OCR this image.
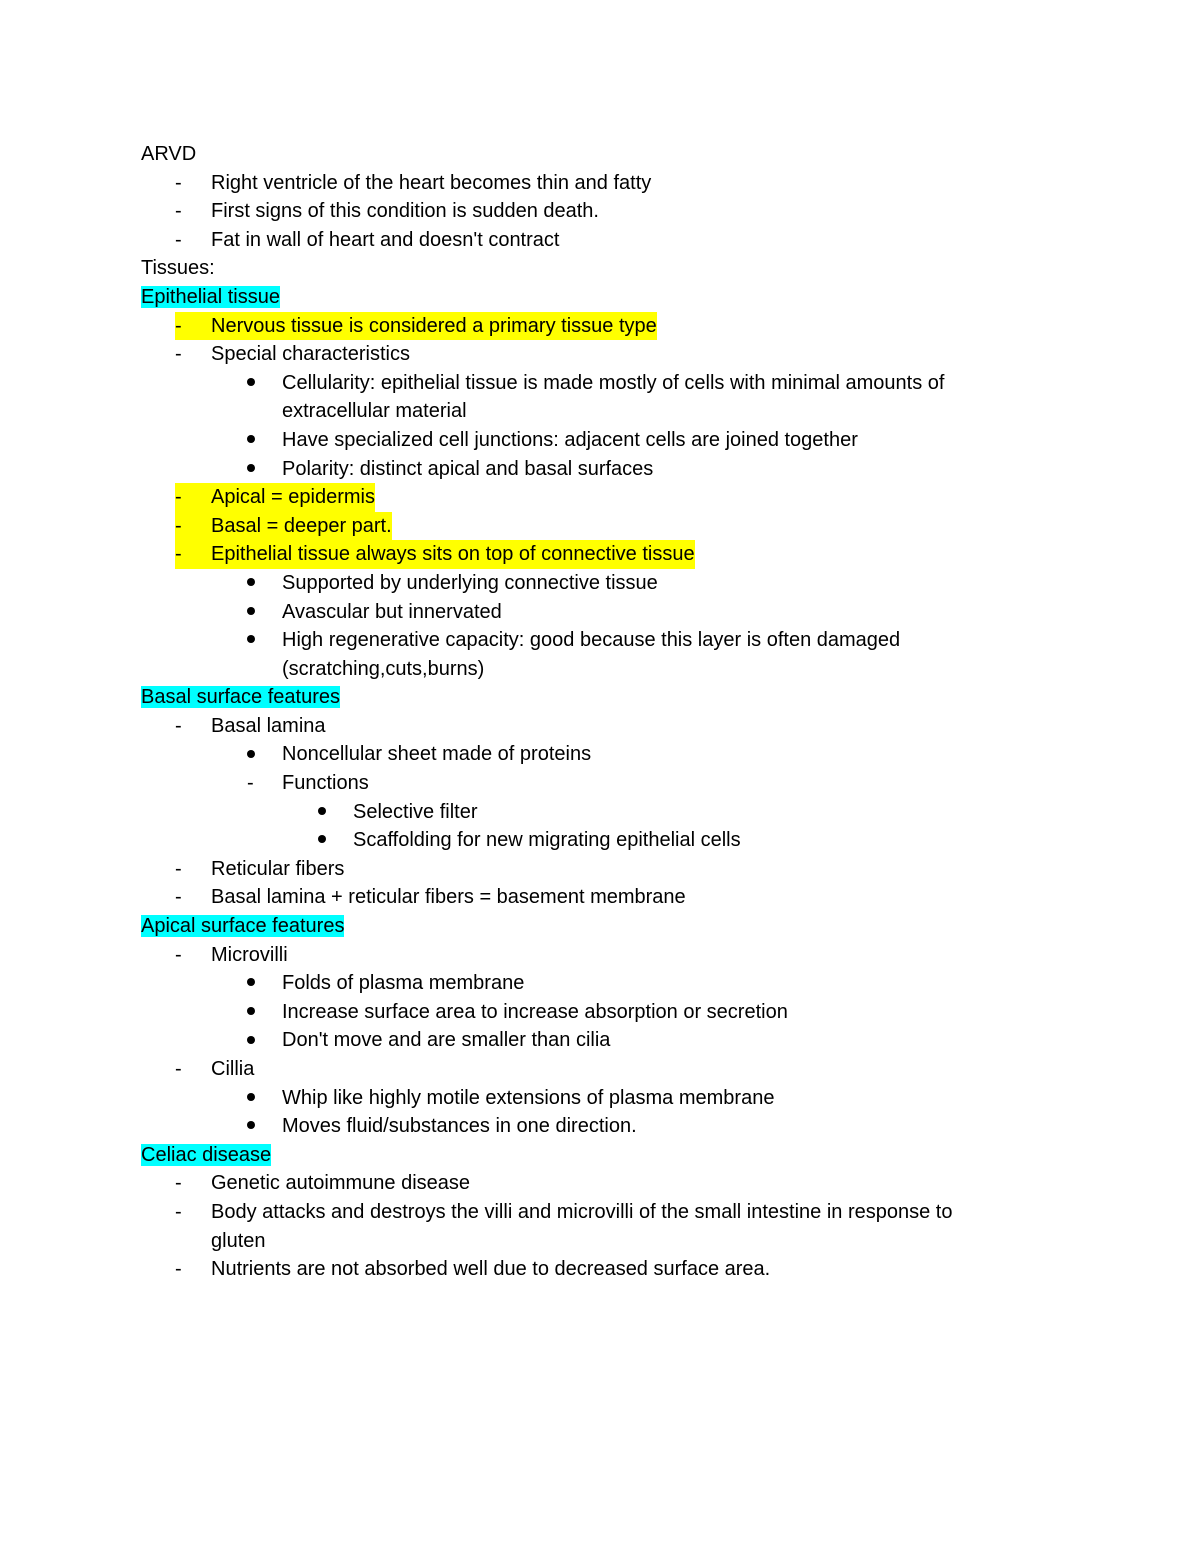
ARVD
- Right ventricle of the heart becomes thin and fatty
- First signs of this condition is sudden death.
- Fat in wall of heart and doesn't contract
Tissues:
Epithelial tissue
- Nervous tissue is considered a primary tissue type
- Special characteristics
Cellularity: epithelial tissue is made mostly of cells with minimal amounts of
extracellular material
Have specialized cell junctions: adjacent cells are joined together
Polarity: distinct apical and basal surfaces
- Apical = epidermis
- Basal = deeper part.
- Epithelial tissue always sits on top of connective tissue
Supported by underlying connective tissue
Avascular but innervated
High regenerative capacity: good because this layer is often damaged
(scratching,cuts,burns)
Basal surface features
- Basal lamina
Noncellular sheet made of proteins
- Functions
Selective filter
Scaffolding for new migrating epithelial cells
- Reticular fibers
- Basal lamina + reticular fibers = basement membrane
Apical surface features
- Microvilli
Folds of plasma membrane
Increase surface area to increase absorption or secretion
Don't move and are smaller than cilia
- Cillia
Whip like highly motile extensions of plasma membrane
Moves fluid/substances in one direction.
Celiac disease
- Genetic autoimmune disease
- Body attacks and destroys the villi and microvilli of the small intestine in response to
gluten
- Nutrients are not absorbed well due to decreased surface area.
